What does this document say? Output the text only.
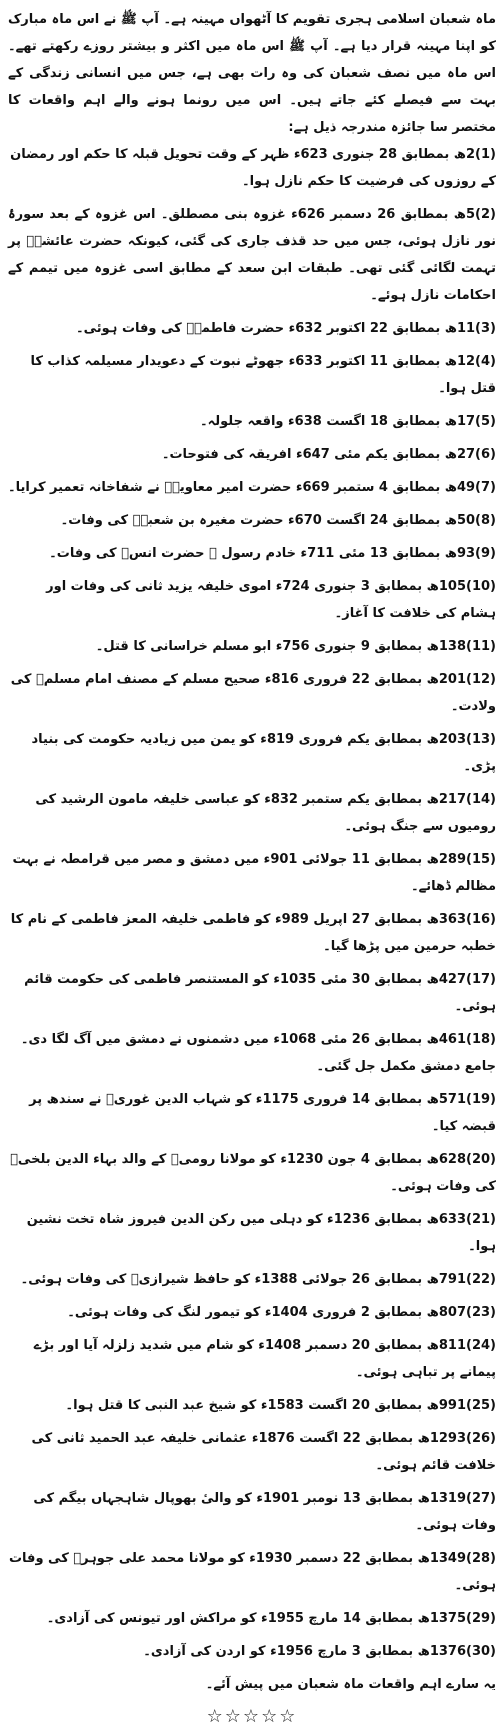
ماہ شعبان اسلامی ہجری تقویم کا آٹھواں مہینہ ہے۔ آپ ﷺ نے اس ماہ مبارک کو اپنا مہینہ قرار دیا ہے۔ آپ ﷺ اس ماہ میں اکثر و بیشتر روزے رکھتے تھے۔ اس ماہ میں نصف شعبان کی وہ رات بھی ہے، جس میں انسانی زندگی کے بہت سے فیصلے کئے جاتے ہیں۔ اس میں رونما ہونے والے اہم واقعات کا مختصر سا جائزہ مندرجہ ذیل ہے:

(1)2ھ بمطابق 28 جنوری 623ء ظہر کے وقت تحویل قبلہ کا حکم اور رمضان کے روزوں کی فرضیت کا حکم نازل ہوا۔
(2)5ھ بمطابق 26 دسمبر 626ء غزوہ بنی مصطلق۔ اس غزوہ کے بعد سورۂ نور نازل ہوئی، جس میں حد قذف جاری کی گئی، کیونکہ حضرت عائشہؓ پر تہمت لگائی گئی تھی۔ طبقات ابن سعد کے مطابق اسی غزوہ میں تیمم کے احکامات نازل ہوئے۔
(3)11ھ بمطابق 22 اکتوبر 632ء حضرت فاطمہؓ کی وفات ہوئی۔
(4)12ھ بمطابق 11 اکتوبر 633ء جھوٹے نبوت کے دعویدار مسیلمہ کذاب کا قتل ہوا۔
(5)17ھ بمطابق 18 اگست 638ء واقعہ جلولہ۔
(6)27ھ بمطابق یکم مئی 647ء افریقہ کی فتوحات۔
(7)49ھ بمطابق 4 ستمبر 669ء حضرت امیر معاویہؓ نے شفاخانہ تعمیر کرایا۔
(8)50ھ بمطابق 24 اگست 670ء حضرت مغیرہ بن شعبہؓ کی وفات۔
(9)93ھ بمطابق 13 مئی 711ء خادم رسول ﷺ حضرت انسؓ کی وفات۔
(10)105ھ بمطابق 3 جنوری 724ء اموی خلیفہ یزید ثانی کی وفات اور ہشام کی خلافت کا آغاز۔
(11)138ھ بمطابق 9 جنوری 756ء ابو مسلم خراسانی کا قتل۔
(12)201ھ بمطابق 22 فروری 816ء صحیح مسلم کے مصنف امام مسلمؒ کی ولادت۔
(13)203ھ بمطابق یکم فروری 819ء کو یمن میں زیادیہ حکومت کی بنیاد پڑی۔
(14)217ھ بمطابق یکم ستمبر 832ء کو عباسی خلیفہ مامون الرشید کی رومیوں سے جنگ ہوئی۔
(15)289ھ بمطابق 11 جولائی 901ء میں دمشق و مصر میں قرامطہ نے بہت مظالم ڈھائے۔
(16)363ھ بمطابق 27 اپریل 989ء کو فاطمی خلیفہ المعز فاطمی کے نام کا خطبہ حرمین میں پڑھا گیا۔
(17)427ھ بمطابق 30 مئی 1035ء کو المستنصر فاطمی کی حکومت قائم ہوئی۔
(18)461ھ بمطابق 26 مئی 1068ء میں دشمنوں نے دمشق میں آگ لگا دی۔ جامع دمشق مکمل جل گئی۔
(19)571ھ بمطابق 14 فروری 1175ء کو شہاب الدین غوریؒ نے سندھ پر قبضہ کیا۔
(20)628ھ بمطابق 4 جون 1230ء کو مولانا رومیؒ کے والد بہاء الدین بلخیؒ کی وفات ہوئی۔
(21)633ھ بمطابق 1236ء کو دہلی میں رکن الدین فیروز شاہ تخت نشین ہوا۔
(22)791ھ بمطابق 26 جولائی 1388ء کو حافظ شیرازیؒ کی وفات ہوئی۔
(23)807ھ بمطابق 2 فروری 1404ء کو تیمور لنگ کی وفات ہوئی۔
(24)811ھ بمطابق 20 دسمبر 1408ء کو شام میں شدید زلزلہ آیا اور بڑے پیمانے پر تباہی ہوئی۔
(25)991ھ بمطابق 20 اگست 1583ء کو شیخ عبد النبی کا قتل ہوا۔
(26)1293ھ بمطابق 22 اگست 1876ء عثمانی خلیفہ عبد الحمید ثانی کی خلافت قائم ہوئی۔
(27)1319ھ بمطابق 13 نومبر 1901ء کو والیٔ بھوپال شاہجہاں بیگم کی وفات ہوئی۔
(28)1349ھ بمطابق 22 دسمبر 1930ء کو مولانا محمد علی جوہرؒ کی وفات ہوئی۔
(29)1375ھ بمطابق 14 مارچ 1955ء کو مراکش اور تیونس کی آزادی۔
(30)1376ھ بمطابق 3 مارچ 1956ء کو اردن کی آزادی۔

یہ سارے اہم واقعات ماہ شعبان میں پیش آئے۔

☆☆☆☆☆
